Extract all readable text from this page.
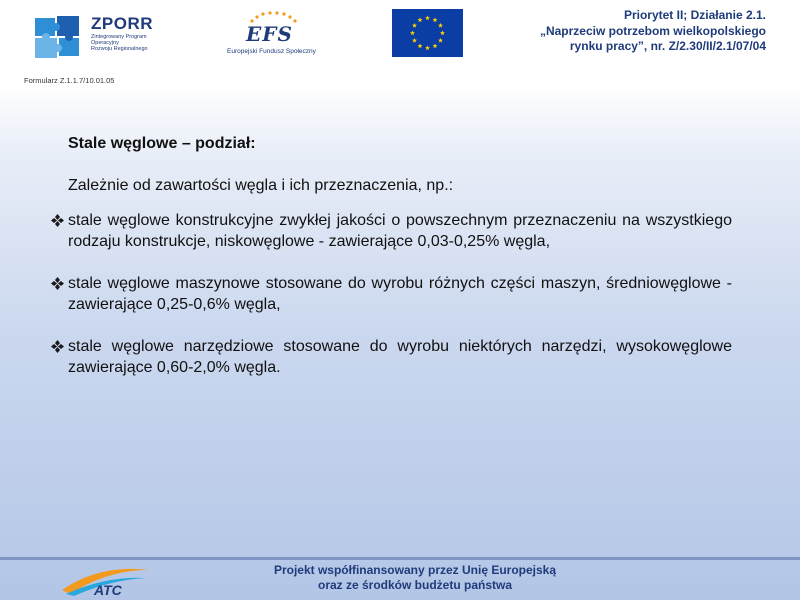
ZPORR
Zintegrowany Program
Operacyjny
Rozwoju Regionalnego
EFS
Europejski Fundusz Społeczny
Priorytet II; Działanie 2.1.
„Naprzeciw potrzebom wielkopolskiego
rynku pracy”, nr. Z/2.30/II/2.1/07/04
Formularz Z.1.1.7/10.01.05
Stale węglowe – podział:
Zależnie od zawartości węgla i ich przeznaczenia, np.:
stale węglowe konstrukcyjne zwykłej jakości o powszechnym przeznaczeniu na wszystkiego rodzaju konstrukcje, niskowęglowe - zawierające 0,03-0,25% węgla,
stale węglowe maszynowe stosowane do wyrobu różnych części maszyn, średniowęglowe - zawierające 0,25-0,6% węgla,
stale węglowe narzędziowe stosowane do wyrobu niektórych narzędzi, wysokowęglowe zawierające 0,60-2,0% węgla.
ATC
Projekt współfinansowany przez Unię Europejską
oraz ze środków budżetu państwa
